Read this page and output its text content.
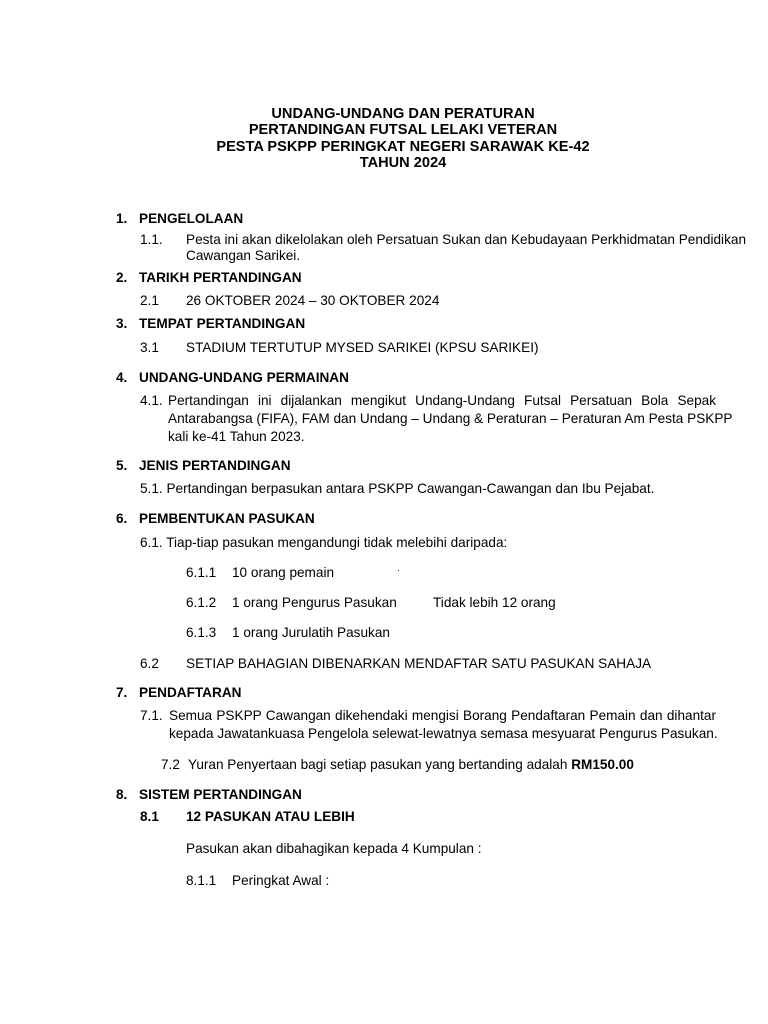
UNDANG-UNDANG DAN PERATURAN
PERTANDINGAN FUTSAL LELAKI VETERAN
PESTA PSKPP PERINGKAT NEGERI SARAWAK KE-42
TAHUN 2024
1. PENGELOLAAN
1.1. Pesta ini akan dikelolakan oleh Persatuan Sukan dan Kebudayaan Perkhidmatan Pendidikan
Cawangan Sarikei.
2. TARIKH PERTANDINGAN
2.1 26 OKTOBER 2024 – 30 OKTOBER 2024
3. TEMPAT PERTANDINGAN
3.1 STADIUM TERTUTUP MYSED SARIKEI (KPSU SARIKEI)
4. UNDANG-UNDANG PERMAINAN
4.1. Pertandingan ini dijalankan mengikut Undang-Undang Futsal Persatuan Bola Sepak
Antarabangsa (FIFA), FAM dan Undang – Undang & Peraturan – Peraturan Am Pesta PSKPP
kali ke-41 Tahun 2023.
5. JENIS PERTANDINGAN
5.1. Pertandingan berpasukan antara PSKPP Cawangan-Cawangan dan Ibu Pejabat.
6. PEMBENTUKAN PASUKAN
6.1. Tiap-tiap pasukan mengandungi tidak melebihi daripada:
·
6.1.1 10 orang pemain
6.1.2 1 orang Pengurus Pasukan	Tidak lebih 12 orang
6.1.3 1 orang Jurulatih Pasukan
6.2 SETIAP BAHAGIAN DIBENARKAN MENDAFTAR SATU PASUKAN SAHAJA
7. PENDAFTARAN
7.1. Semua PSKPP Cawangan dikehendaki mengisi Borang Pendaftaran Pemain dan dihantar
kepada Jawatankuasa Pengelola selewat-lewatnya semasa mesyuarat Pengurus Pasukan.
7.2 Yuran Penyertaan bagi setiap pasukan yang bertanding adalah RM150.00
8. SISTEM PERTANDINGAN
8.1 12 PASUKAN ATAU LEBIH
Pasukan akan dibahagikan kepada 4 Kumpulan :
8.1.1 Peringkat Awal :
